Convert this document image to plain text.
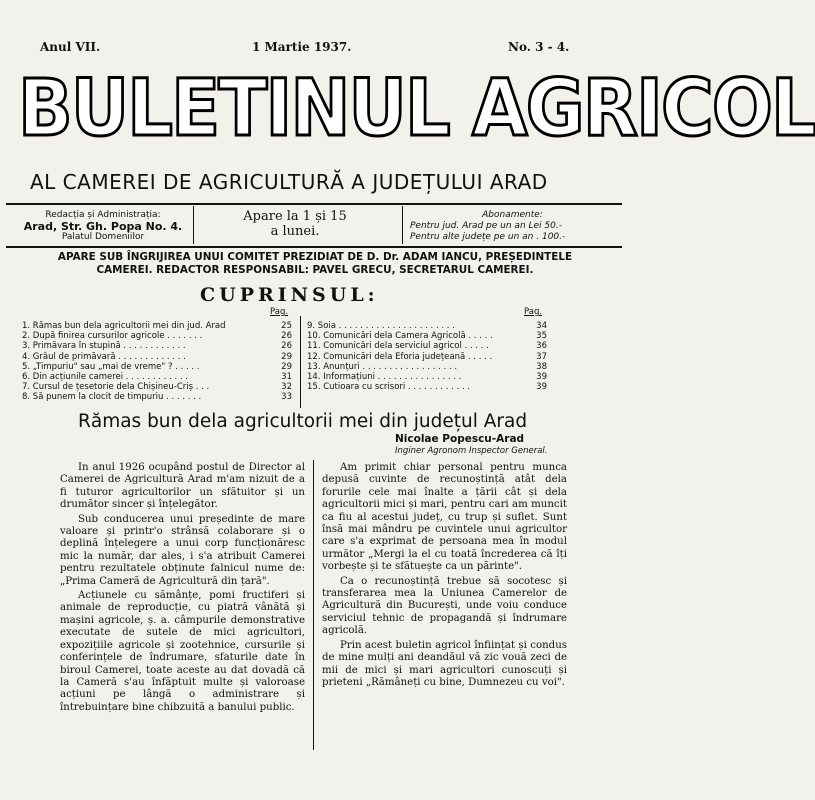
Anul VII.	1 Martie 1937.	No. 3 - 4.
BULETINUL AGRICOL
AL CAMEREI DE AGRICULTURĂ A JUDEȚULUI ARAD
Redacția și Administrația:
Arad, Str. Gh. Popa No. 4.
Palatul Domeniilor
Apare la 1 și 15
a lunei.
Abonamente:
Pentru jud. Arad pe un an Lei 50.-
Pentru alte județe pe un an . 100.-
APARE SUB ÎNGRIJIREA UNUI COMITET PREZIDIAT DE D. Dr. ADAM IANCU, PREȘEDINTELE
CAMEREI. REDACTOR RESPONSABIL: PAVEL GRECU, SECRETARUL CAMEREI.
CUPRINSUL:
Pag.	Pag.
1. Rămas bun dela agricultorii mei din jud. Arad	25
2. După finirea cursurilor agricole . . . . . . .	26
3. Primăvara în stupină . . . . . . . . . . . .	26
4. Grâul de primăvară . . . . . . . . . . . . .	29
5. „Timpuriu" sau „mai de vreme" ? . . . . .	29
6. Din acțiunile camerei . . . . . . . . . . . .	31
7. Cursul de țesetorie dela Chișineu-Criș . . .	32
8. Să punem la clocit de timpuriu . . . . . . .	33
9. Soia . . . . . . . . . . . . . . . . . . . . . .	34
10. Comunicări dela Camera Agricolă . . . . .	35
11. Comunicări dela serviciul agricol . . . . .	36
12. Comunicări dela Eforia județeană . . . . .	37
13. Anunțuri . . . . . . . . . . . . . . . . . .	38
14. Informațiuni . . . . . . . . . . . . . . . .	39
15. Cutioara cu scrisori . . . . . . . . . . . .	39
Rămas bun dela agricultorii mei din județul Arad
Nicolae Popescu-Arad
Inginer Agronom Inspector General.

In anul 1926 ocupând postul de Director al Camerei de Agricultură Arad m'am nizuit de a fi tuturor agricultorilor un sfătuitor și un drumător sincer și înțelegător.

Sub conducerea unui președinte de mare valoare și printr'o strânsă colaborare și o deplină înțelegere a unui corp funcționăresc mic la număr, dar ales, i s'a atribuit Camerei pentru rezultatele obținute falnicul nume de: „Prima Cameră de Agricultură din țară".

Acțiunele cu sămânțe, pomi fructiferi și animale de reproducție, cu piatră vânătă și mașini agricole, ș. a. câmpurile demonstrative executate de sutele de mici agricultori, expozițiile agricole și zootehnice, cursurile și conferințele de îndrumare, sfaturile date în biroul Camerei, toate aceste au dat dovadă că la Cameră s'au înfăptuit multe și valoroase acțiuni pe lângă o administrare și întrebuințare bine chibzuită a banului public.

Am primit chiar personal pentru munca depusă cuvinte de recunoștință atât dela forurile cele mai înalte a țării cât și dela agricultorii mici și mari, pentru cari am muncit ca fiu al acestui județ, cu trup și suflet. Sunt însă mai mândru pe cuvintele unui agricultor care s'a exprimat de persoana mea în modul următor „Mergi la el cu toată încrederea că îți vorbește și te sfătuește ca un părinte".

Ca o recunoștință trebue să socotesc și transferarea mea la Uniunea Camerelor de Agricultură din București, unde voiu conduce serviciul tehnic de propagandă și îndrumare agricolă.

Prin acest buletin agricol înființat și condus de mine mulți ani deandăul vă zic vouă zeci de mii de mici și mari agricultori cunoscuți și prieteni „Rămâneți cu bine, Dumnezeu cu voi".
